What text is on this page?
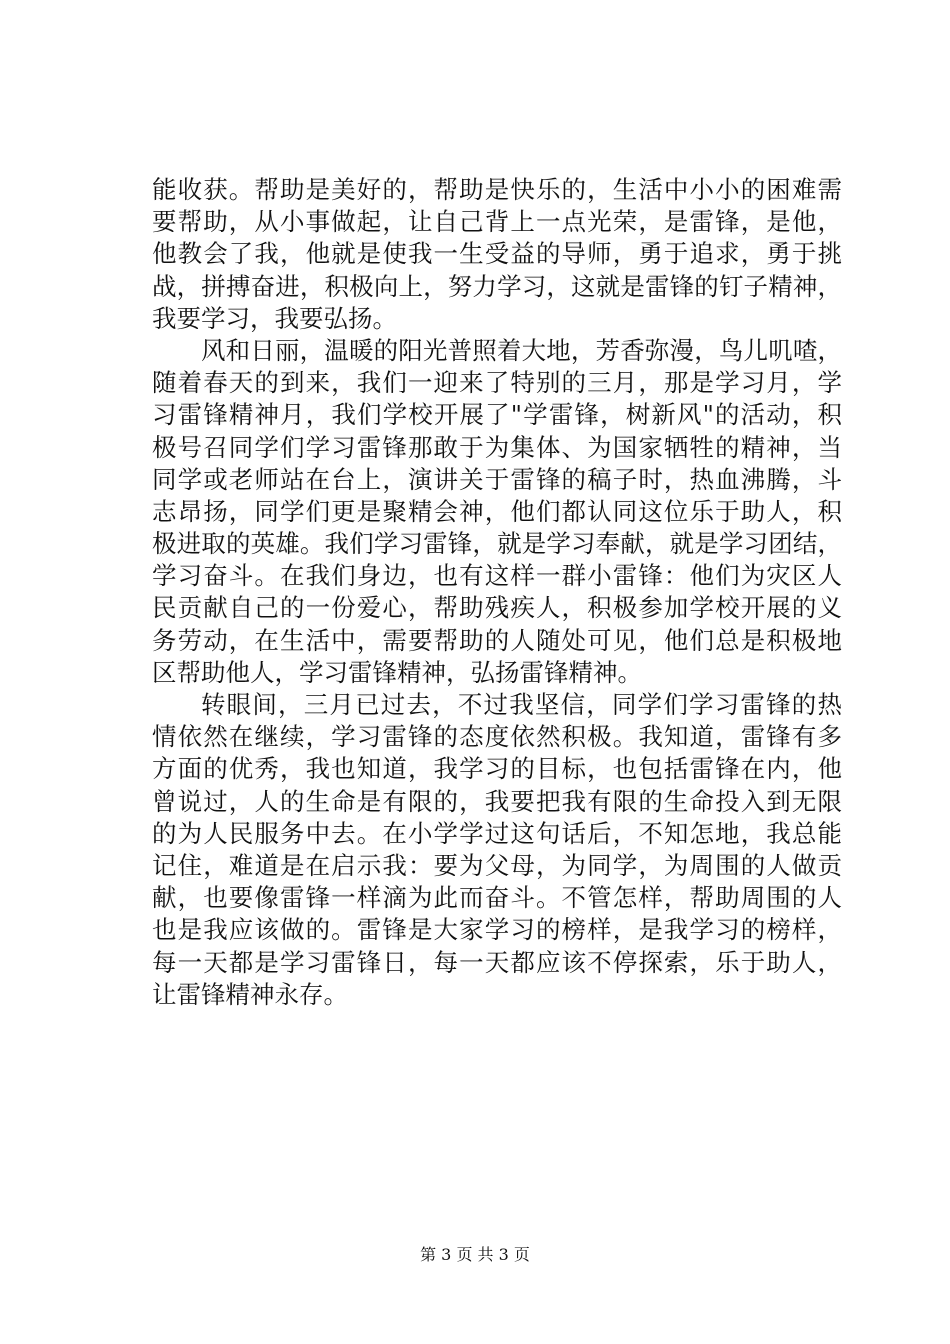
能收获。帮助是美好的，帮助是快乐的，生活中小小的困难需
要帮助，从小事做起，让自己背上一点光荣，是雷锋，是他，
他教会了我，他就是使我一生受益的导师，勇于追求，勇于挑
战，拼搏奋进，积极向上，努力学习，这就是雷锋的钉子精神，
我要学习，我要弘扬。
风和日丽，温暖的阳光普照着大地，芳香弥漫，鸟儿叽喳，
随着春天的到来，我们一迎来了特别的三月，那是学习月，学
习雷锋精神月，我们学校开展了"学雷锋，树新风"的活动，积
极号召同学们学习雷锋那敢于为集体、为国家牺牲的精神，当
同学或老师站在台上，演讲关于雷锋的稿子时，热血沸腾，斗
志昂扬，同学们更是聚精会神，他们都认同这位乐于助人，积
极进取的英雄。我们学习雷锋，就是学习奉献，就是学习团结，
学习奋斗。在我们身边，也有这样一群小雷锋：他们为灾区人
民贡献自己的一份爱心，帮助残疾人，积极参加学校开展的义
务劳动，在生活中，需要帮助的人随处可见，他们总是积极地
区帮助他人，学习雷锋精神，弘扬雷锋精神。
转眼间，三月已过去，不过我坚信，同学们学习雷锋的热
情依然在继续，学习雷锋的态度依然积极。我知道，雷锋有多
方面的优秀，我也知道，我学习的目标，也包括雷锋在内，他
曾说过，人的生命是有限的，我要把我有限的生命投入到无限
的为人民服务中去。在小学学过这句话后，不知怎地，我总能
记住，难道是在启示我：要为父母，为同学，为周围的人做贡
献，也要像雷锋一样滴为此而奋斗。不管怎样，帮助周围的人
也是我应该做的。雷锋是大家学习的榜样，是我学习的榜样，
每一天都是学习雷锋日，每一天都应该不停探索，乐于助人，
让雷锋精神永存。
第 3 页 共 3 页
